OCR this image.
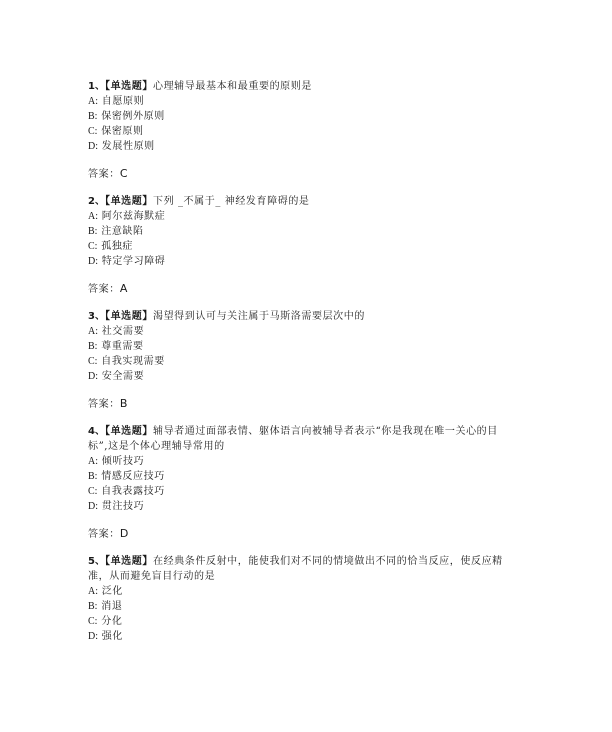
1、【单选题】心理辅导最基本和最重要的原则是

A: 自愿原则

B: 保密例外原则

C: 保密原则

D: 发展性原则

答案：C

2、【单选题】下列 _不属于_ 神经发育障碍的是

A: 阿尔兹海默症

B: 注意缺陷

C: 孤独症

D: 特定学习障碍

答案：A

3、【单选题】渴望得到认可与关注属于马斯洛需要层次中的

A: 社交需要

B: 尊重需要

C: 自我实现需要

D: 安全需要

答案：B

4、【单选题】辅导者通过面部表情、躯体语言向被辅导者表示“你是我现在唯一关心的目标”,这是个体心理辅导常用的

A: 倾听技巧

B: 情感反应技巧

C: 自我表露技巧

D: 贯注技巧

答案：D

5、【单选题】在经典条件反射中，能使我们对不同的情境做出不同的恰当反应，使反应精准，从而避免盲目行动的是

A: 泛化

B: 消退

C: 分化

D: 强化
